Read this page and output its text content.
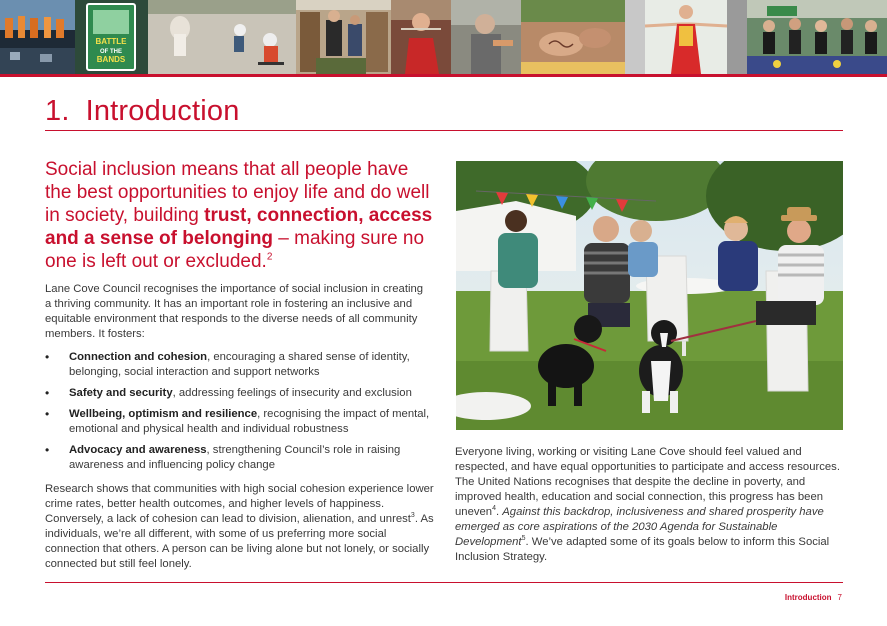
BATTLE
OF THE
BANDS
1. Introduction

Social inclusion means that all people have the best opportunities to enjoy life and do well in society, building trust, connection, access and a sense of belonging – making sure no one is left out or excluded.$^2$

Lane Cove Council recognises the importance of social inclusion in creating a thriving community. It has an important role in fostering an inclusive and equitable environment that responds to the diverse needs of all community members. It fosters:

• Connection and cohesion, encouraging a shared sense of identity, belonging, social interaction and support networks
• Safety and security, addressing feelings of insecurity and exclusion
• Wellbeing, optimism and resilience, recognising the impact of mental, emotional and physical health and individual robustness
• Advocacy and awareness, strengthening Council’s role in raising awareness and influencing policy change

Research shows that communities with high social cohesion experience lower crime rates, better health outcomes, and higher levels of happiness. Conversely, a lack of cohesion can lead to division, alienation, and unrest$^3$. As individuals, we’re all different, with some of us preferring more social connection that others. A person can be living alone but not lonely, or socially connected but still feel lonely.

Everyone living, working or visiting Lane Cove should feel valued and respected, and have equal opportunities to participate and access resources. The United Nations recognises that despite the decline in poverty, and improved health, education and social connection, this progress has been uneven$^4$. Against this backdrop, inclusiveness and shared prosperity have emerged as core aspirations of the 2030 Agenda for Sustainable Development$^5$. We’ve adapted some of its goals below to inform this Social Inclusion Strategy.

Introduction 7
